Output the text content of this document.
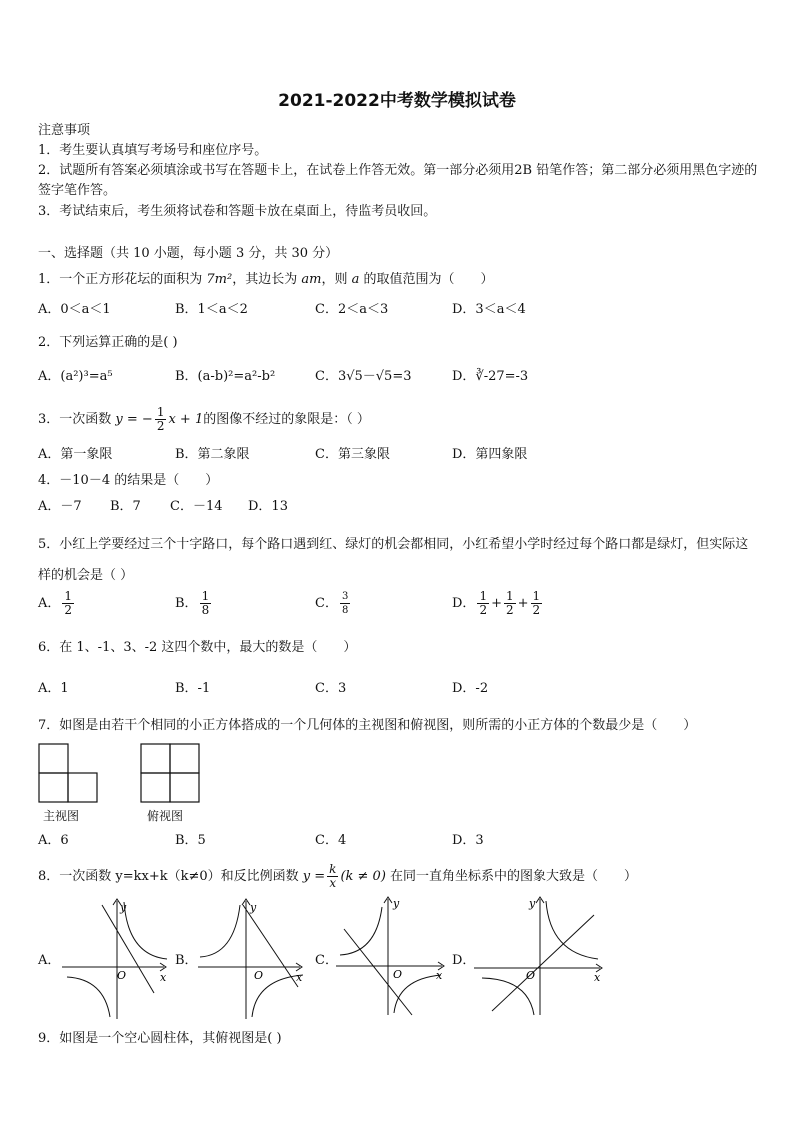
2021-2022中考数学模拟试卷
注意事项
1．考生要认真填写考场号和座位序号。
2．试题所有答案必须填涂或书写在答题卡上，在试卷上作答无效。第一部分必须用2B 铅笔作答；第二部分必须用黑色字迹的签字笔作答。
3．考试结束后，考生须将试卷和答题卡放在桌面上，待监考员收回。
一、选择题（共 10 小题，每小题 3 分，共 30 分）
1．一个正方形花坛的面积为 7m²，其边长为 am，则 a 的取值范围为（　　）
A．0＜a＜1	B．1＜a＜2	C．2＜a＜3	D．3＜a＜4
2．下列运算正确的是( )
A．(a²)³=a⁵	B．(a-b)²=a²-b²	C．3√5－√5=3	D．∛-27=-3
3．一次函数 y = − $\frac{1}{2}$ x + 1的图像不经过的象限是：（ ）
A．第一象限	B．第二象限	C．第三象限	D．第四象限
4．－10－4 的结果是（　　）
A．－7 B．7 C．－14 D．13
5．小红上学要经过三个十字路口，每个路口遇到红、绿灯的机会都相同，小红希望小学时经过每个路口都是绿灯，但实际这样的机会是（ ）
A． $\frac{1}{2}$	B． $\frac{1}{8}$	C． $\frac{3}{8}$	D． $\frac{1}{2} + \frac{1}{2} + \frac{1}{2}$
6．在 1、-1、3、-2 这四个数中，最大的数是（　　）
A．1	B．-1	C．3	D．-2
7．如图是由若干个相同的小正方体搭成的一个几何体的主视图和俯视图，则所需的小正方体的个数最少是（　　）
主视图	俯视图
A．6	B．5	C．4	D．3
8．一次函数 y=kx+k（k≠0）和反比例函数 $y = \frac{k}{x} (k \ne 0)$ 在同一直角坐标系中的图象大致是（　　）
A．
y
x
O
B．
y
x
O
C．
y
x
O
D．
y
x
O
9．如图是一个空心圆柱体，其俯视图是( )
